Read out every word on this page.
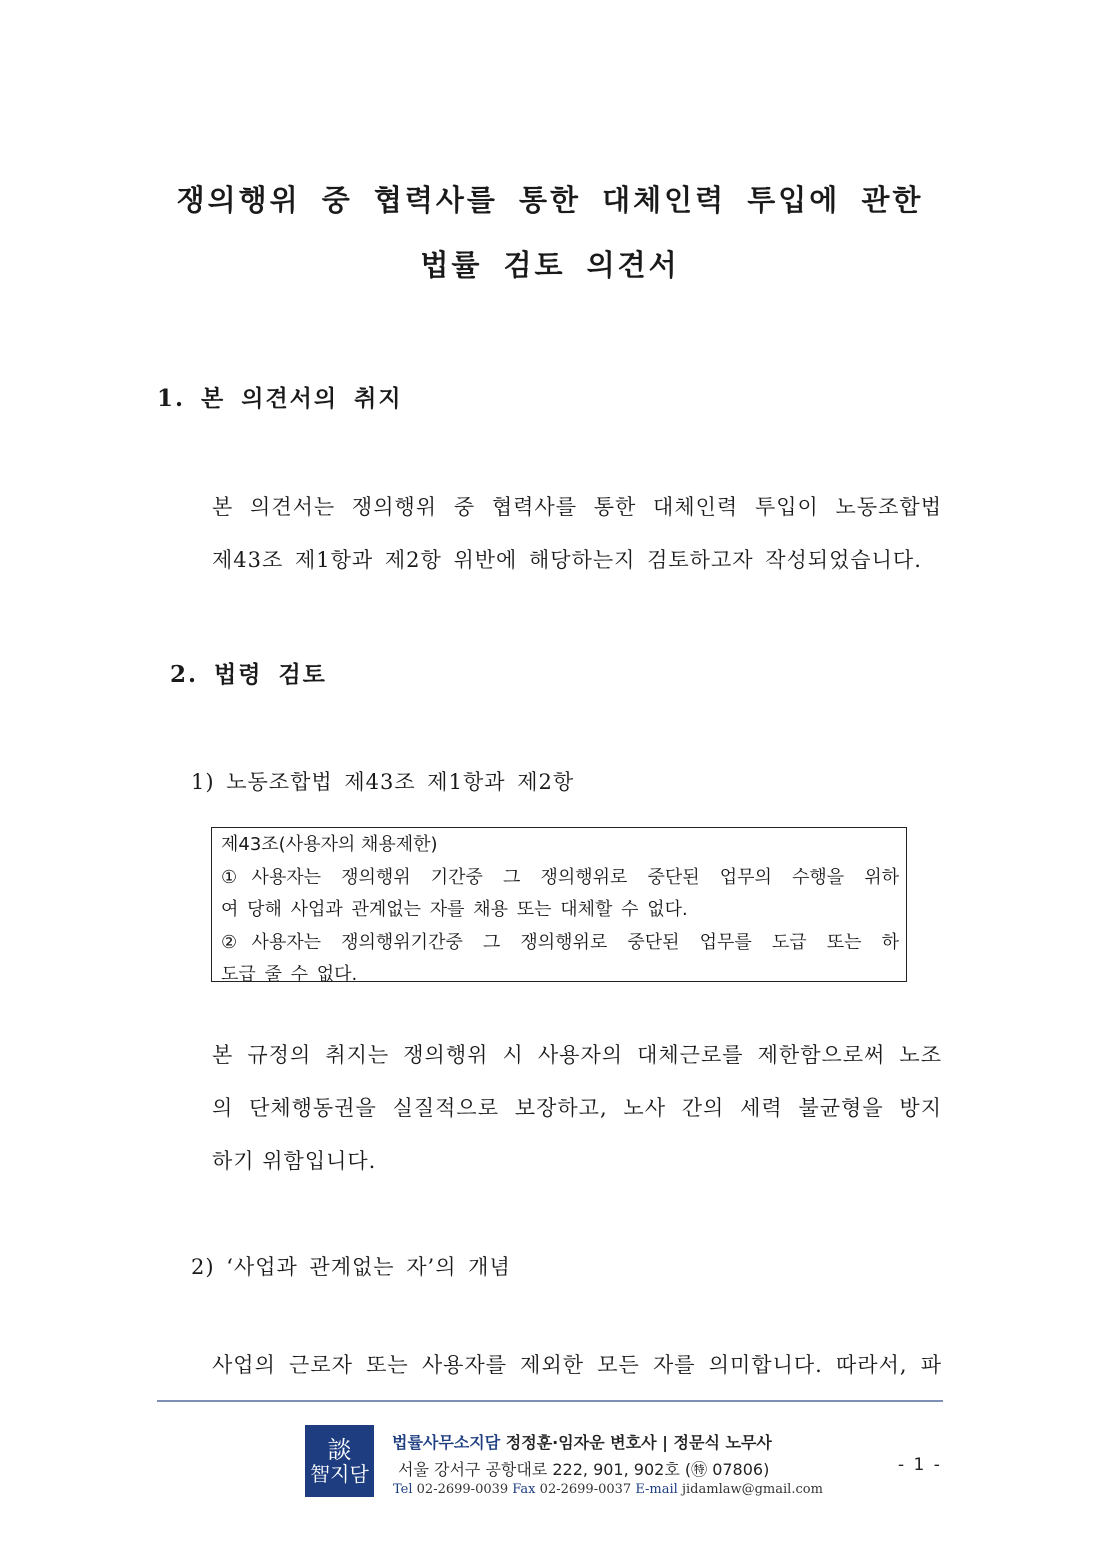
쟁의행위 중 협력사를 통한 대체인력 투입에 관한
법률 검토 의견서
1. 본 의견서의 취지
본 의견서는 쟁의행위 중 협력사를 통한 대체인력 투입이 노동조합법
제43조 제1항과 제2항 위반에 해당하는지 검토하고자 작성되었습니다.
2. 법령 검토
1) 노동조합법 제43조 제1항과 제2항
제43조(사용자의 채용제한)
①사용자는 쟁의행위 기간중 그 쟁의행위로 중단된 업무의 수행을 위하
여 당해 사업과 관계없는 자를 채용 또는 대체할 수 없다.
②사용자는 쟁의행위기간중 그 쟁의행위로 중단된 업무를 도급 또는 하
도급 줄 수 없다.
본 규정의 취지는 쟁의행위 시 사용자의 대체근로를 제한함으로써 노조
의 단체행동권을 실질적으로 보장하고, 노사 간의 세력 불균형을 방지
하기 위함입니다.
2) ‘사업과 관계없는 자’의 개념
사업의 근로자 또는 사용자를 제외한 모든 자를 의미합니다. 따라서, 파
談
智지담
법률사무소지담 정정훈·임자운 변호사 | 정문식 노무사
서울 강서구 공항대로 222, 901, 902호 (㊕ 07806)
Tel 02-2699-0039 Fax 02-2699-0037 E-mail jidamlaw@gmail.com
- 1 -
